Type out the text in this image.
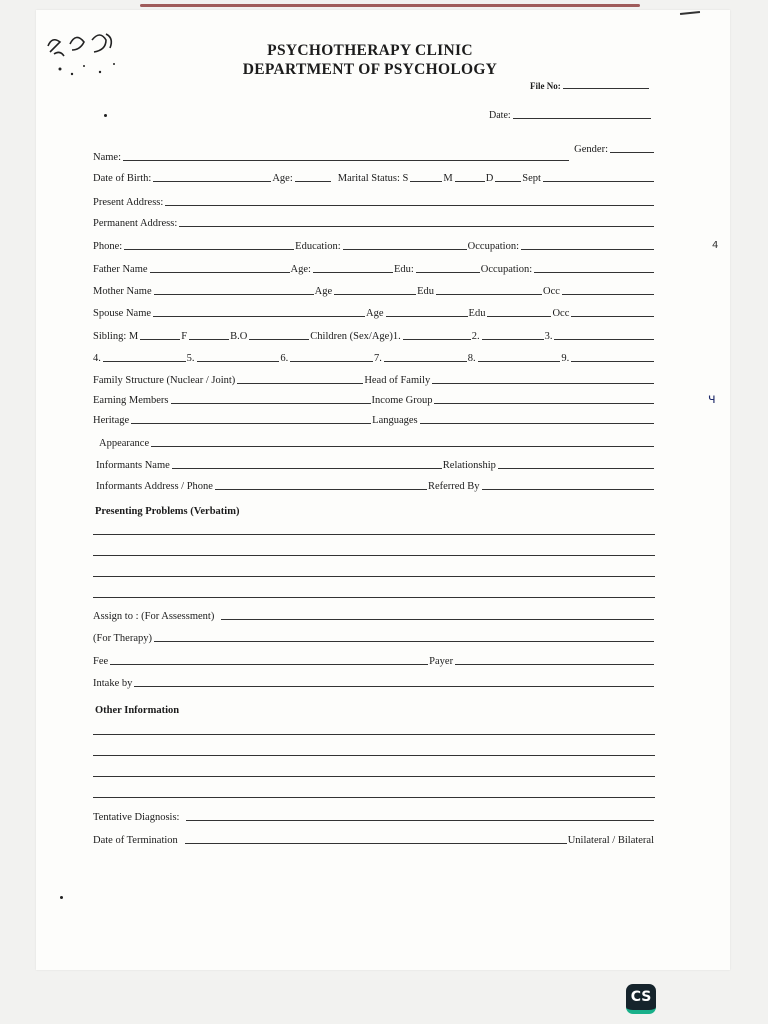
PSYCHOTHERAPY CLINIC
DEPARTMENT OF PSYCHOLOGY
File No:
Date:
Name:
Gender:
Date of Birth:	Age:	Marital Status: S	M	D	Sept
Present Address:
Permanent Address:
Phone:	Education:	Occupation:
Father Name	Age:	Edu:	Occupation:
Mother Name	Age	Edu	Occ
Spouse Name	Age	Edu	Occ
Sibling: M	F	B.O	Children (Sex/Age)1.	2.	3.
4.	5.	6.	7.	8.	9.
Family Structure (Nuclear / Joint)	Head of Family
Earning Members	Income Group
Heritage	Languages
Appearance
Informants Name	Relationship
Informants Address / Phone	Referred By
Presenting Problems (Verbatim)
Assign to : (For Assessment)
(For Therapy)
Fee	Payer
Intake by
Other Information
Tentative Diagnosis:
Date of Termination	Unilateral / Bilateral
4
ч
CS
